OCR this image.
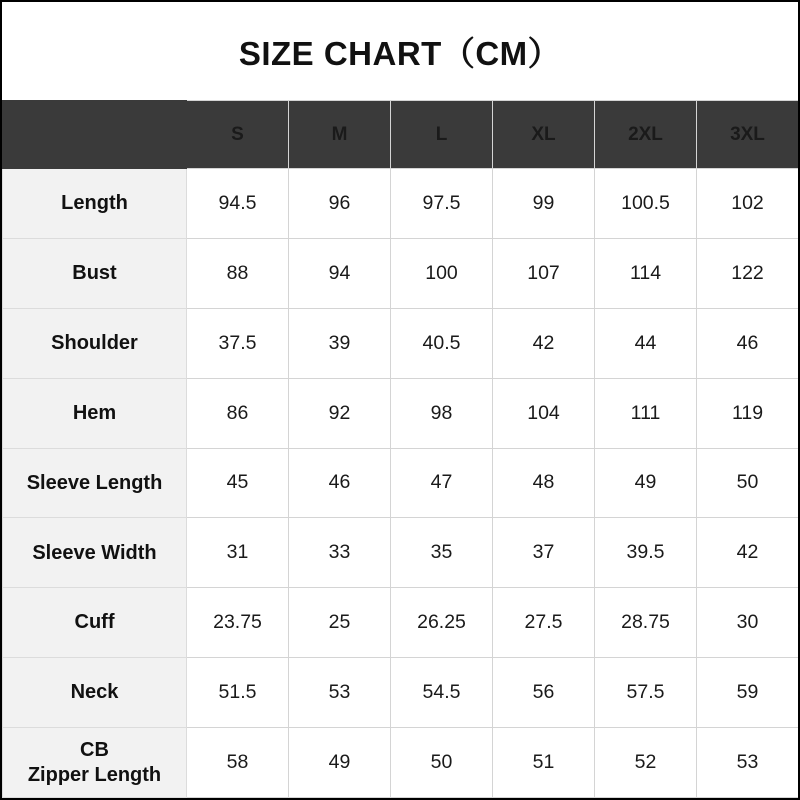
SIZE CHART（CM）
	S	M	L	XL	2XL	3XL
Length	94.5	96	97.5	99	100.5	102
Bust	88	94	100	107	114	122
Shoulder	37.5	39	40.5	42	44	46
Hem	86	92	98	104	111	119
Sleeve Length	45	46	47	48	49	50
Sleeve Width	31	33	35	37	39.5	42
Cuff	23.75	25	26.25	27.5	28.75	30
Neck	51.5	53	54.5	56	57.5	59

CB
Zipper Length	58	49	50	51	52	53
